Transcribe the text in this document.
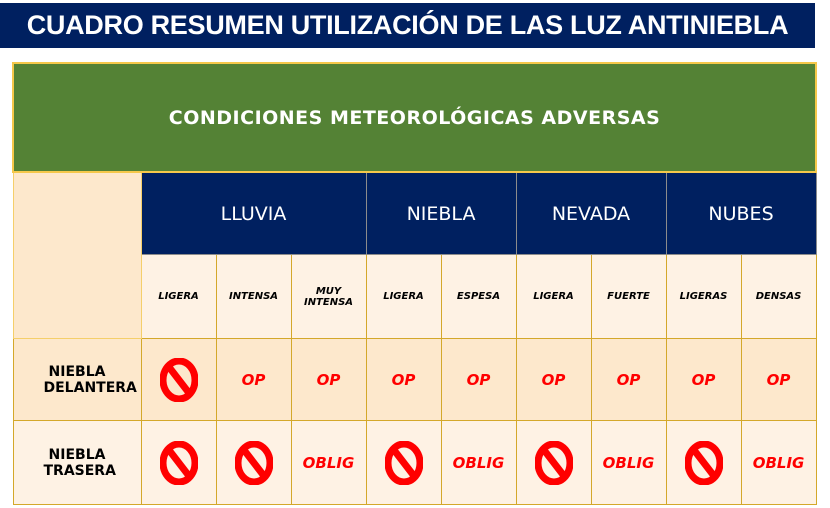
CUADRO RESUMEN UTILIZACIÓN DE LAS LUZ ANTINIEBLA
CONDICIONES METEOROLÓGICAS ADVERSAS									
	LLUVIA			NIEBLA		NEVADA		NUBES	
	LIGERA	INTENSA	MUY INTENSA	LIGERA	ESPESA	LIGERA	FUERTE	LIGERAS	DENSAS
NIEBLA DELANTERA		OP	OP	OP	OP	OP	OP	OP	OP
NIEBLA TRASERA			OBLIG		OBLIG		OBLIG		OBLIG
